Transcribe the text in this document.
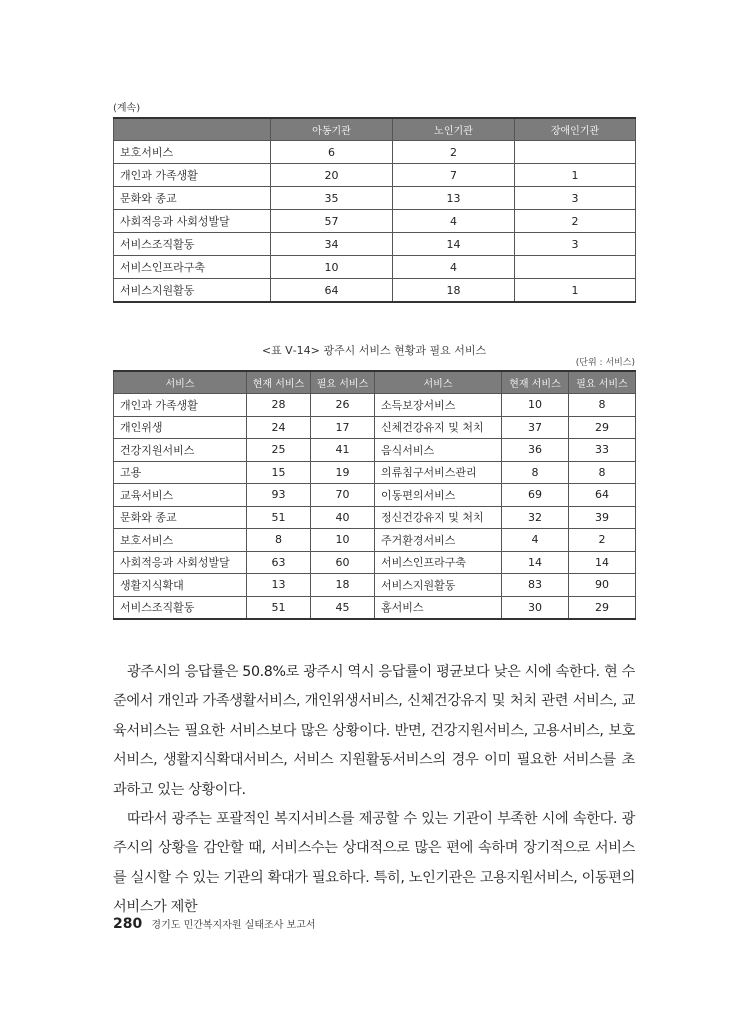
(계속)
	아동기관	노인기관	장애인기관
보호서비스	6	2	
개인과 가족생활	20	7	1
문화와 종교	35	13	3
사회적응과 사회성발달	57	4	2
서비스조직활동	34	14	3
서비스인프라구축	10	4	
서비스지원활동	64	18	1
<표 Ⅴ-14> 광주시 서비스 현황과 필요 서비스
(단위 : 서비스)
서비스	현재 서비스	필요 서비스	서비스	현재 서비스	필요 서비스
개인과 가족생활	28	26	소득보장서비스	10	8
개인위생	24	17	신체건강유지 및 처치	37	29
건강지원서비스	25	41	음식서비스	36	33
고용	15	19	의류침구서비스관리	8	8
교육서비스	93	70	이동편의서비스	69	64
문화와 종교	51	40	정신건강유지 및 처치	32	39
보호서비스	8	10	주거환경서비스	4	2
사회적응과 사회성발달	63	60	서비스인프라구축	14	14
생활지식확대	13	18	서비스지원활동	83	90
서비스조직활동	51	45	홈서비스	30	29

광주시의 응답률은 50.8%로 광주시 역시 응답률이 평균보다 낮은 시에 속한다. 현 수준에서 개인과 가족생활서비스, 개인위생서비스, 신체건강유지 및 처치 관련 서비스, 교육서비스는 필요한 서비스보다 많은 상황이다. 반면, 건강지원서비스, 고용서비스, 보호서비스, 생활지식확대서비스, 서비스 지원활동서비스의 경우 이미 필요한 서비스를 초과하고 있는 상황이다.

따라서 광주는 포괄적인 복지서비스를 제공할 수 있는 기관이 부족한 시에 속한다. 광주시의 상황을 감안할 때, 서비스수는 상대적으로 많은 편에 속하며 장기적으로 서비스를 실시할 수 있는 기관의 확대가 필요하다. 특히, 노인기관은 고용지원서비스, 이동편의서비스가 제한

280 경기도 민간복지자원 실태조사 보고서
